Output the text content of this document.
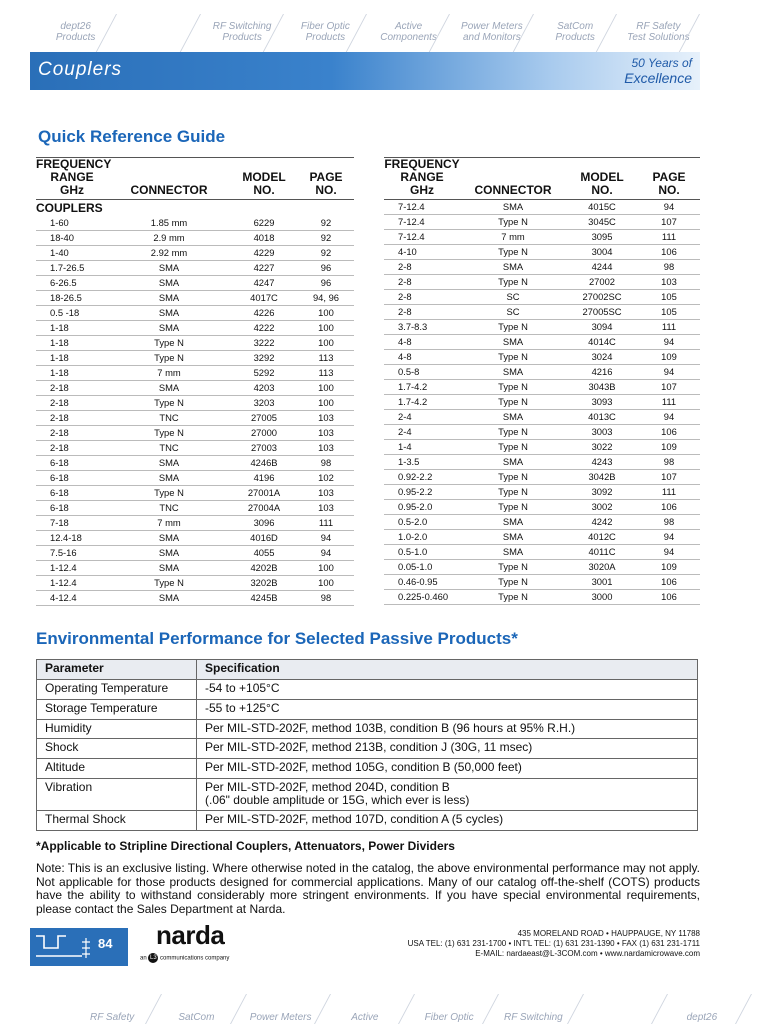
dept26
Products
Passive
Components
RF Switching
Products
Fiber Optic
Products
Active
Components
Power Meters
and Monitors
SatCom
Products
RF Safety
Test Solutions
Couplers	50 Years of
Excellence
Quick Reference Guide
FREQUENCY
RANGE
GHz	CONNECTOR	MODEL
NO.	PAGE
NO.
COUPLERS			
1-60	1.85 mm	6229	92
18-40	2.9 mm	4018	92
1-40	2.92 mm	4229	92
1.7-26.5	SMA	4227	96
6-26.5	SMA	4247	96
18-26.5	SMA	4017C	94, 96
0.5 -18	SMA	4226	100
1-18	SMA	4222	100
1-18	Type N	3222	100
1-18	Type N	3292	113
1-18	7 mm	5292	113
2-18	SMA	4203	100
2-18	Type N	3203	100
2-18	TNC	27005	103
2-18	Type N	27000	103
2-18	TNC	27003	103
6-18	SMA	4246B	98
6-18	SMA	4196	102
6-18	Type N	27001A	103
6-18	TNC	27004A	103
7-18	7 mm	3096	111
12.4-18	SMA	4016D	94
7.5-16	SMA	4055	94
1-12.4	SMA	4202B	100
1-12.4	Type N	3202B	100
4-12.4	SMA	4245B	98
FREQUENCY
RANGE
GHz	CONNECTOR	MODEL
NO.	PAGE
NO.
7-12.4	SMA	4015C	94
7-12.4	Type N	3045C	107
7-12.4	7 mm	3095	111
4-10	Type N	3004	106
2-8	SMA	4244	98
2-8	Type N	27002	103
2-8	SC	27002SC	105
2-8	SC	27005SC	105
3.7-8.3	Type N	3094	111
4-8	SMA	4014C	94
4-8	Type N	3024	109
0.5-8	SMA	4216	94
1.7-4.2	Type N	3043B	107
1.7-4.2	Type N	3093	111
2-4	SMA	4013C	94
2-4	Type N	3003	106
1-4	Type N	3022	109
1-3.5	SMA	4243	98
0.92-2.2	Type N	3042B	107
0.95-2.2	Type N	3092	111
0.95-2.0	Type N	3002	106
0.5-2.0	SMA	4242	98
1.0-2.0	SMA	4012C	94
0.5-1.0	SMA	4011C	94
0.05-1.0	Type N	3020A	109
0.46-0.95	Type N	3001	106
0.225-0.460	Type N	3000	106
Environmental Performance for Selected Passive Products*
Parameter	Specification
Operating Temperature	-54 to +105°C
Storage Temperature	-55 to +125°C
Humidity	Per MIL-STD-202F, method 103B, condition B (96 hours at 95% R.H.)
Shock	Per MIL-STD-202F, method 213B, condition J (30G, 11 msec)
Altitude	Per MIL-STD-202F, method 105G, condition B (50,000 feet)
Vibration	Per MIL-STD-202F, method 204D, condition B
(.06" double amplitude or 15G, which ever is less)
Thermal Shock	Per MIL-STD-202F, method 107D, condition A (5 cycles)
*Applicable to Stripline Directional Couplers, Attenuators, Power Dividers
Note: This is an exclusive listing. Where otherwise noted in the catalog, the above environmental performance may not apply. Not applicable for those products designed for commercial applications. Many of our catalog off-the-shelf (COTS) products have the ability to withstand considerably more stringent environments. If you have special environmental requirements, please contact the Sales Department at Narda.
84 narda
an L3 communications company
435 MORELAND ROAD • HAUPPAUGE, NY 11788
USA TEL: (1) 631 231-1700 • INT'L TEL: (1) 631 231-1390 • FAX (1) 631 231-1711
E-MAIL: nardaeast@L-3COM.com • www.nardamicrowave.com
RF Safety	SatCom	Power Meters	Active	Fiber Optic	RF Switching	Passive	dept26
